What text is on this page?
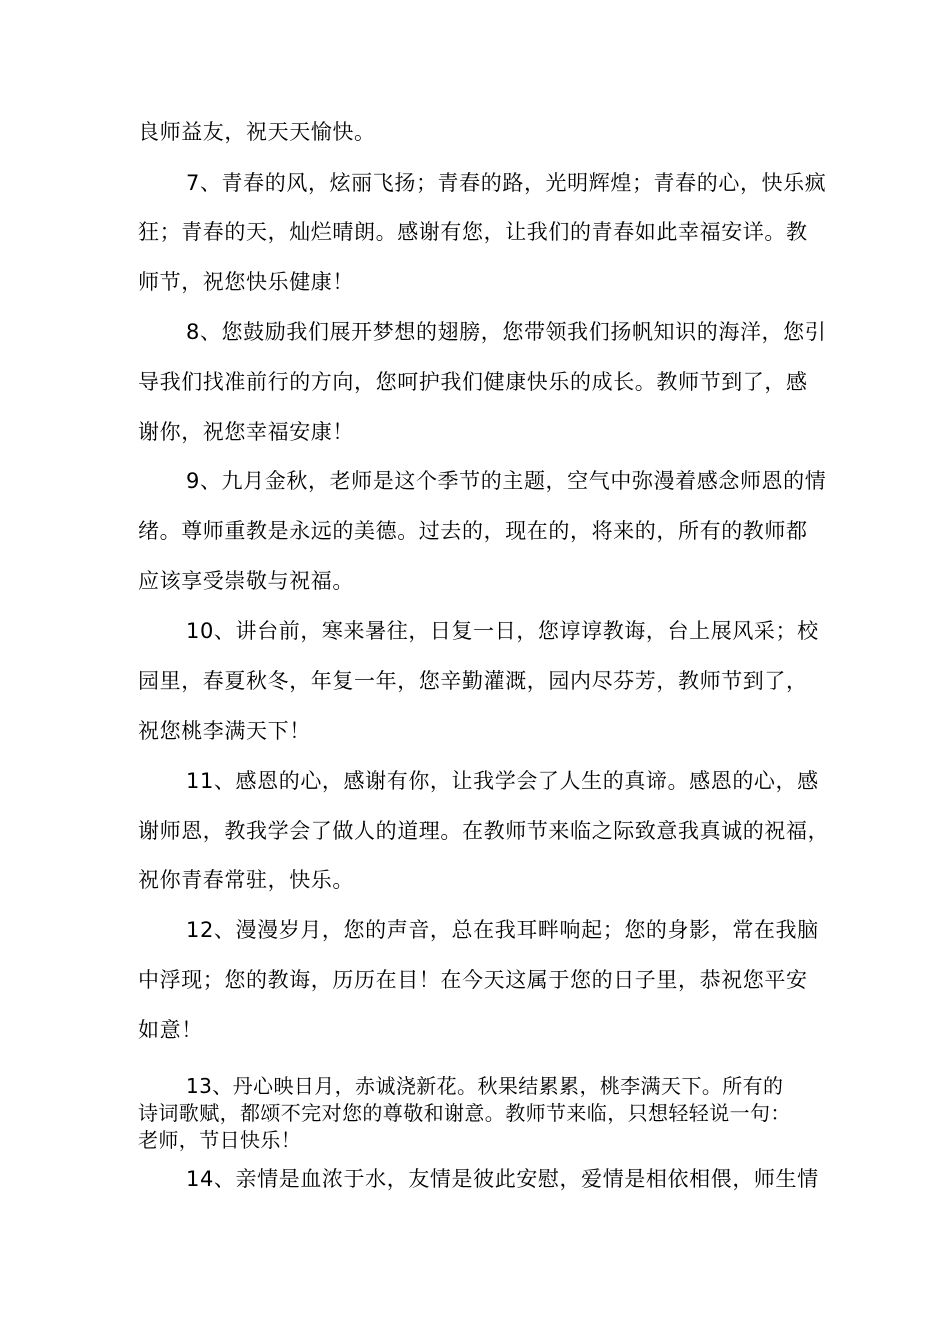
良师益友，祝天天愉快。

7、青春的风，炫丽飞扬；青春的路，光明辉煌；青春的心，快乐疯

狂；青春的天，灿烂晴朗。感谢有您，让我们的青春如此幸福安详。教

师节，祝您快乐健康！

8、您鼓励我们展开梦想的翅膀，您带领我们扬帆知识的海洋，您引

导我们找准前行的方向，您呵护我们健康快乐的成长。教师节到了，感

谢你，祝您幸福安康！

9、九月金秋，老师是这个季节的主题，空气中弥漫着感念师恩的情

绪。尊师重教是永远的美德。过去的，现在的，将来的，所有的教师都

应该享受崇敬与祝福。

10、讲台前，寒来暑往，日复一日，您谆谆教诲，台上展风采；校

园里，春夏秋冬，年复一年，您辛勤灌溉，园内尽芬芳，教师节到了，

祝您桃李满天下！

11、感恩的心，感谢有你，让我学会了人生的真谛。感恩的心，感

谢师恩，教我学会了做人的道理。在教师节来临之际致意我真诚的祝福，

祝你青春常驻，快乐。

12、漫漫岁月，您的声音，总在我耳畔响起；您的身影，常在我脑

中浮现；您的教诲，历历在目！在今天这属于您的日子里，恭祝您平安

如意！

13、丹心映日月，赤诚浇新花。秋果结累累，桃李满天下。所有的

诗词歌赋，都颂不完对您的尊敬和谢意。教师节来临，只想轻轻说一句：

老师，节日快乐！

14、亲情是血浓于水，友情是彼此安慰，爱情是相依相偎，师生情
